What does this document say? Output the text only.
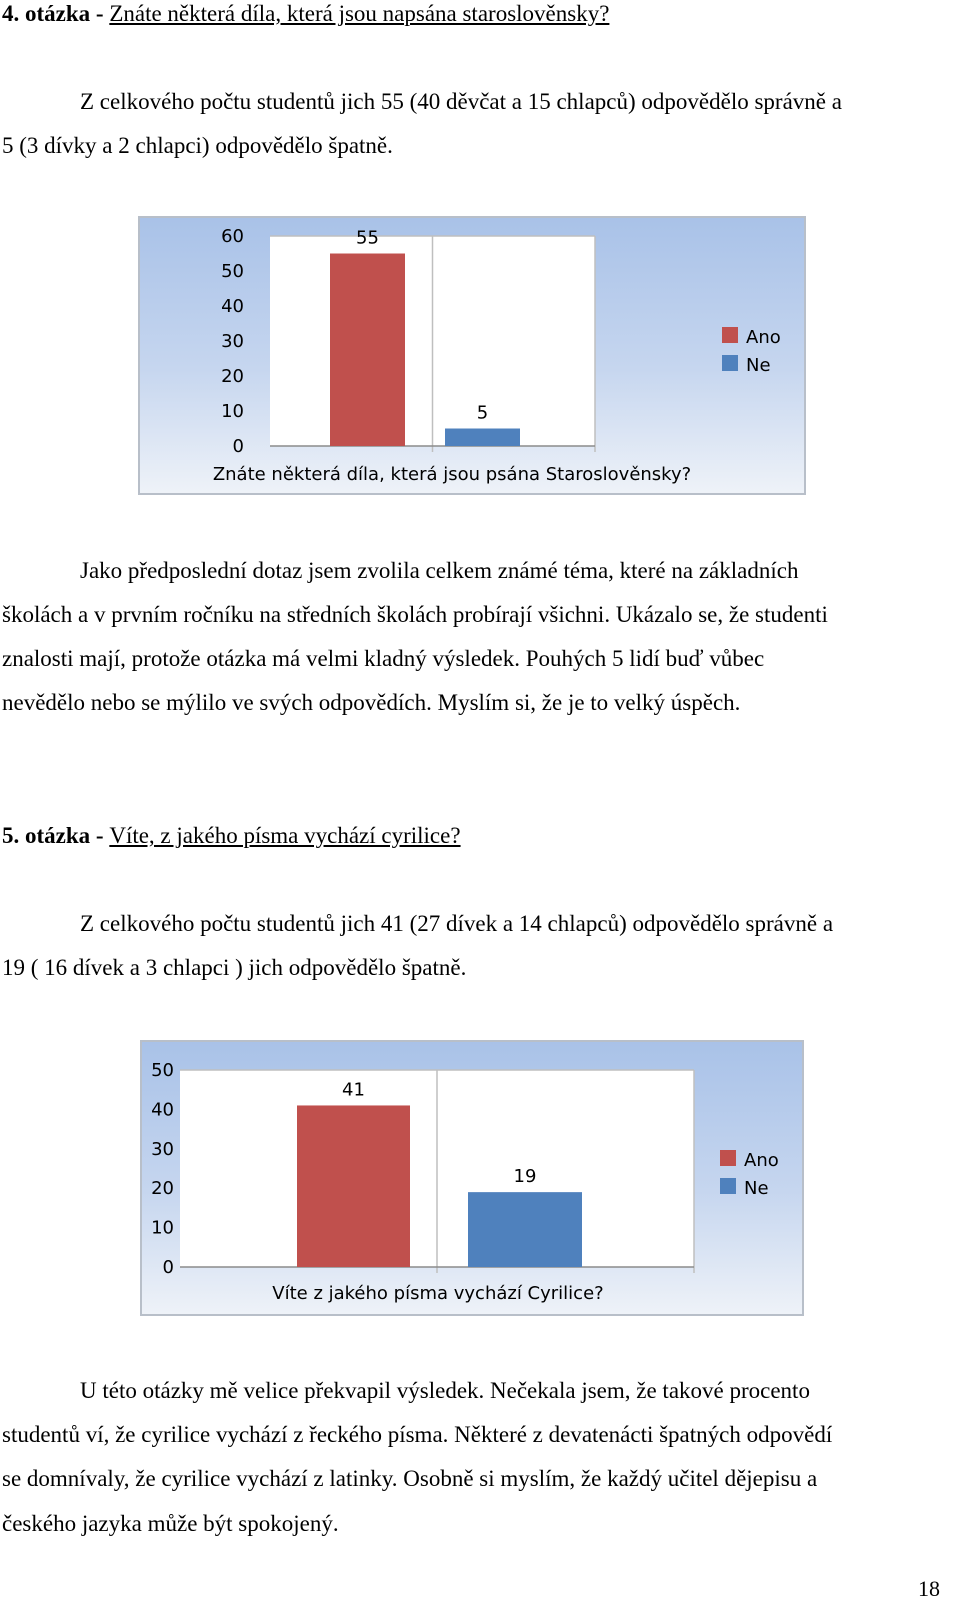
4. otázka - Znáte některá díla, která jsou napsána staroslověnsky?
Z celkového počtu studentů jich 55 (40 děvčat a 15 chlapců) odpovědělo správně a
5 (3 dívky a 2 chlapci) odpovědělo špatně.
0
10
20
30
40
50
60	55
Ano
5
Ne
Znáte některá díla, která jsou psána Staroslověnsky?
Jako předposlední dotaz jsem zvolila celkem známé téma, které na základních
školách a v prvním ročníku na středních školách probírají všichni. Ukázalo se, že studenti
znalosti mají, protože otázka má velmi kladný výsledek. Pouhých 5 lidí buď vůbec
nevědělo nebo se mýlilo ve svých odpovědích. Myslím si, že je to velký úspěch.
5. otázka - Víte, z jakého písma vychází cyrilice?
Z celkového počtu studentů jich 41 (27 dívek a 14 chlapců) odpovědělo správně a
19 ( 16 dívek a 3 chlapci ) jich odpovědělo špatně.
0
10
20
30
40
50
41
Ano
19
Ne
Víte z jakého písma vychází Cyrilice?
U této otázky mě velice překvapil výsledek. Nečekala jsem, že takové procento
studentů ví, že cyrilice vychází z řeckého písma. Některé z devatenácti špatných odpovědí
se domnívaly, že cyrilice vychází z latinky. Osobně si myslím, že každý učitel dějepisu a
českého jazyka může být spokojený.
18
